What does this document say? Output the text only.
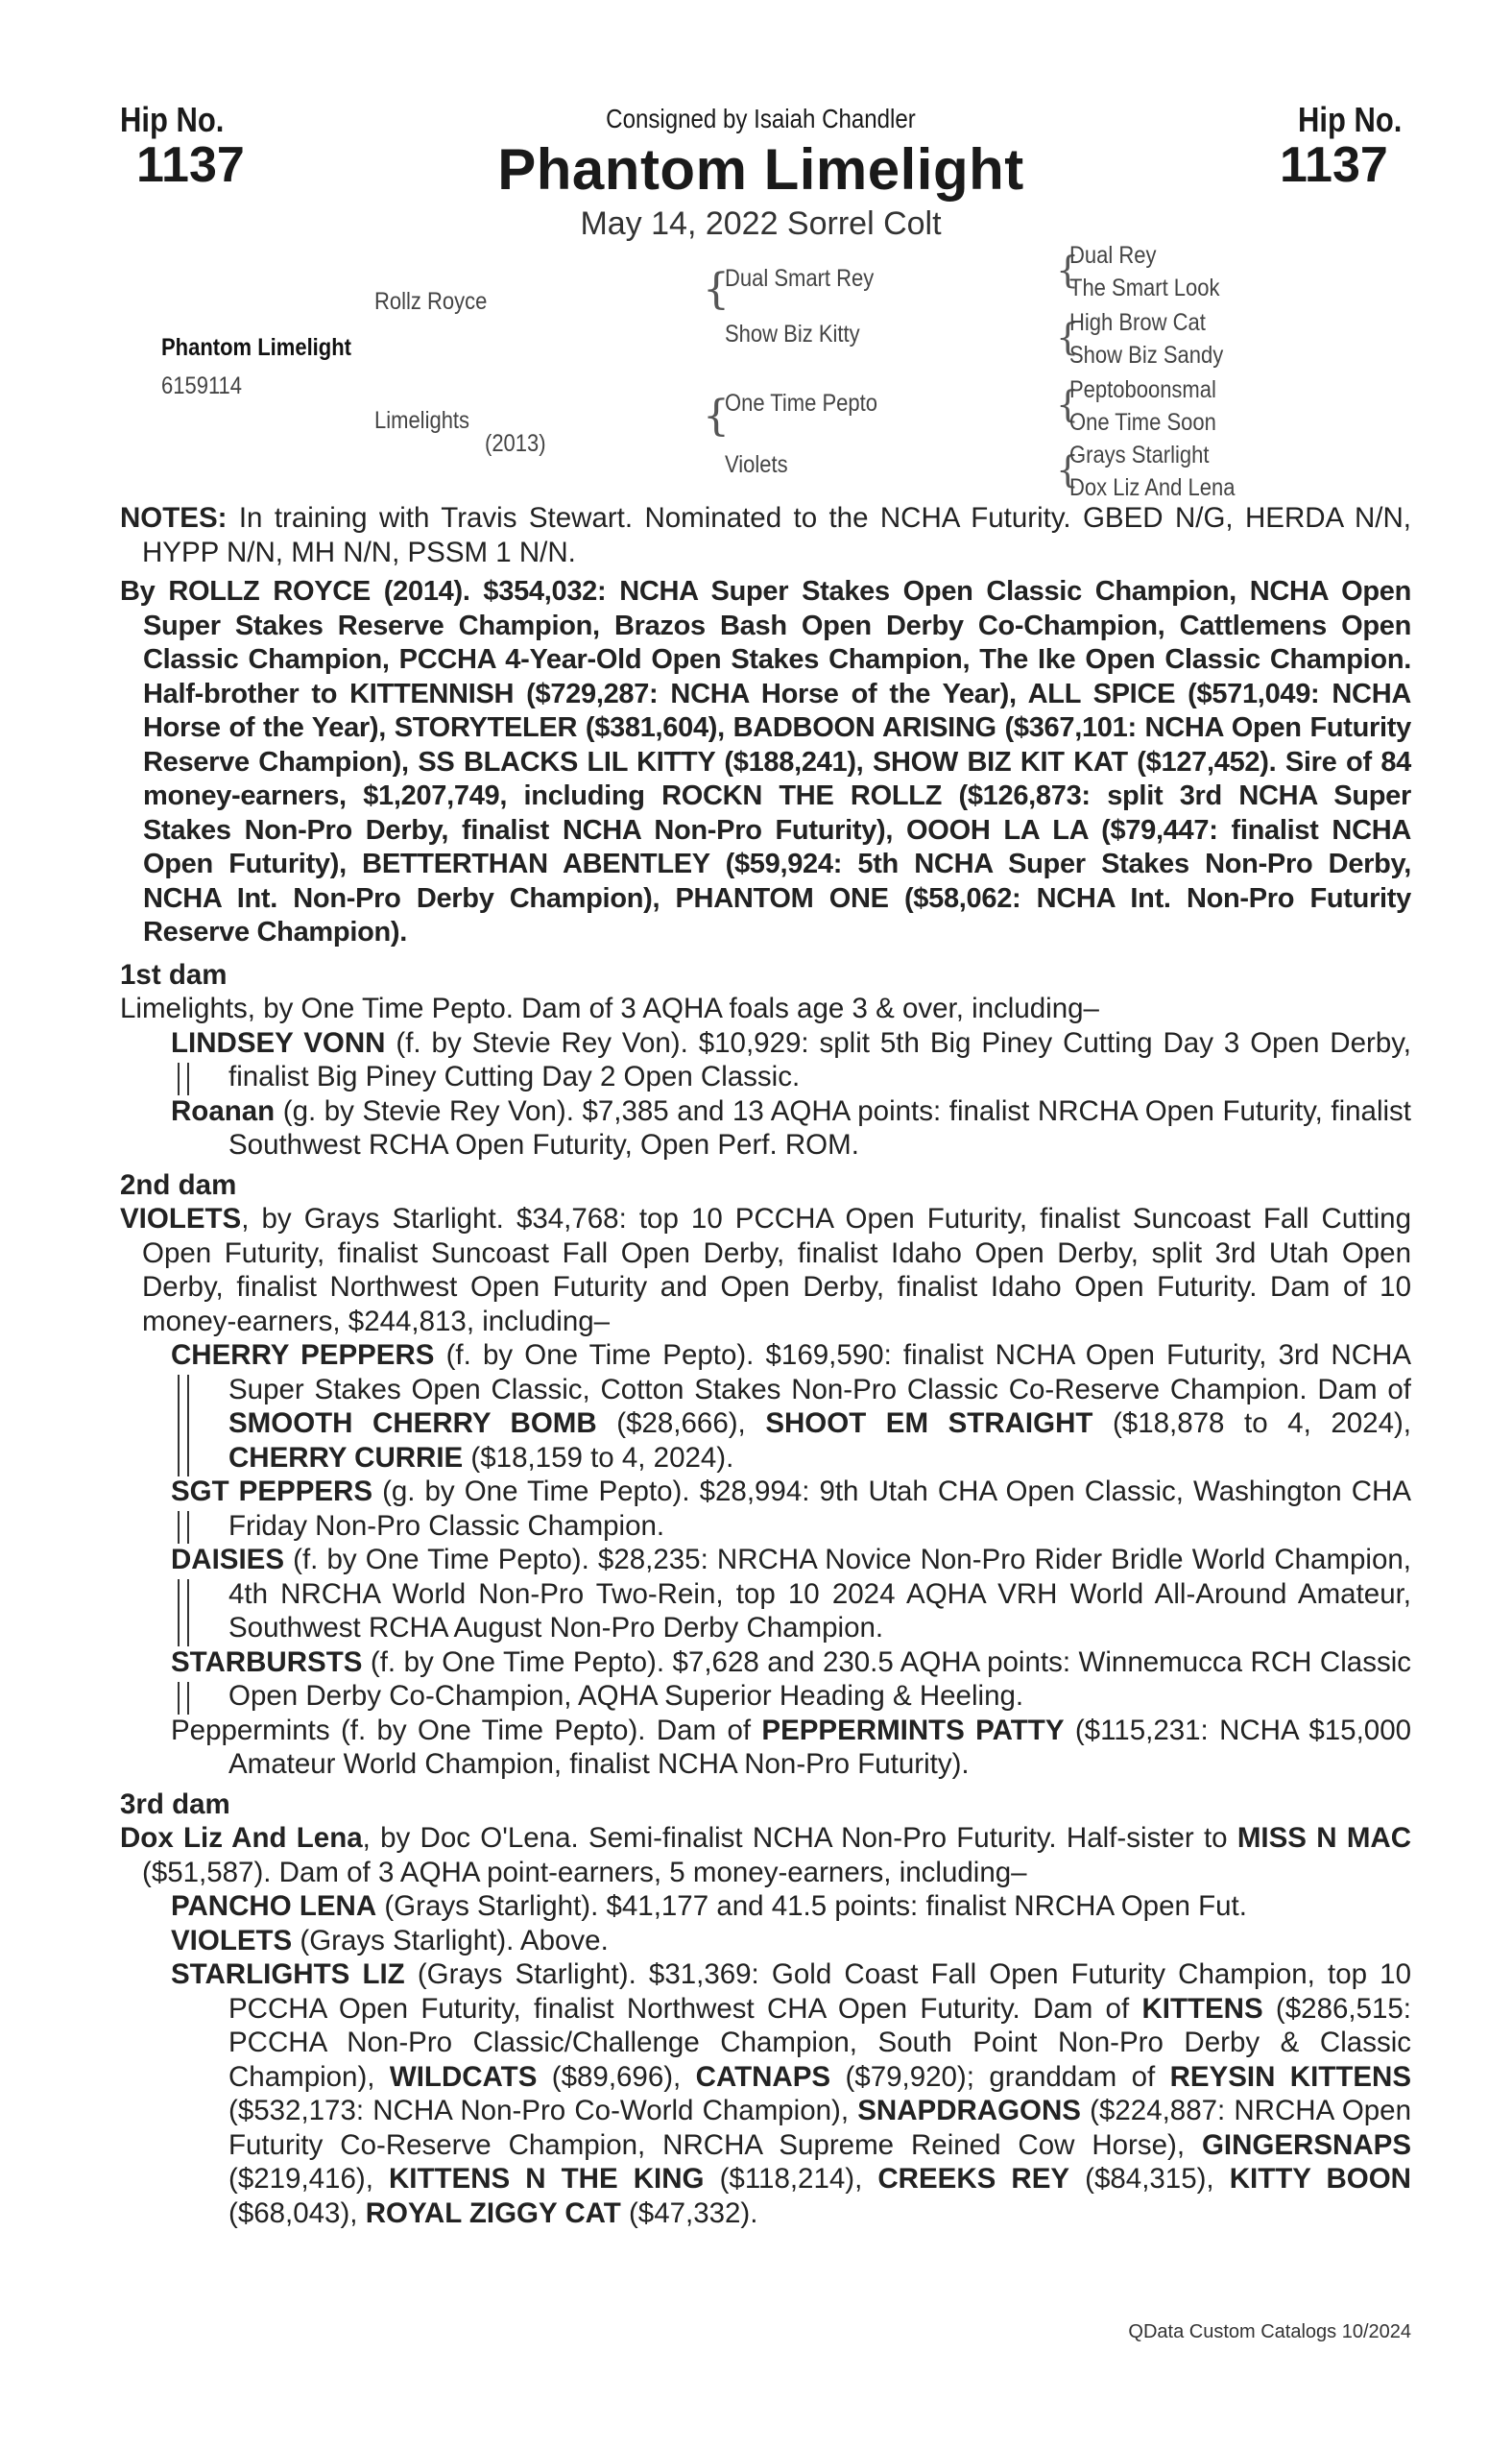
Hip No.
1137
Hip No.
1137
Consigned by Isaiah Chandler
Phantom Limelight
May 14, 2022 Sorrel Colt
Phantom Limelight
6159114
Rollz Royce
Limelights
(2013)
{
Dual Smart Rey
Show Biz Kitty
{
One Time Pepto
Violets
{
Dual Rey
The Smart Look
{
High Brow Cat
Show Biz Sandy
{
Peptoboonsmal
One Time Soon
{
Grays Starlight
Dox Liz And Lena

NOTES: In training with Travis Stewart. Nominated to the NCHA Futurity. GBED N/G, HERDA N/N, HYPP N/N, MH N/N, PSSM 1 N/N.

By ROLLZ ROYCE (2014). $354,032: NCHA Super Stakes Open Classic Champion, NCHA Open Super Stakes Reserve Champion, Brazos Bash Open Derby Co-Champion, Cattlemens Open Classic Champion, PCCHA 4-Year-Old Open Stakes Champion, The Ike Open Classic Champion. Half-brother to KITTENNISH ($729,287: NCHA Horse of the Year), ALL SPICE ($571,049: NCHA Horse of the Year), STORYTELER ($381,604), BADBOON ARISING ($367,101: NCHA Open Futurity Reserve Champion), SS BLACKS LIL KITTY ($188,241), SHOW BIZ KIT KAT ($127,452). Sire of 84 money-earners, $1,207,749, including ROCKN THE ROLLZ ($126,873: split 3rd NCHA Super Stakes Non-Pro Derby, finalist NCHA Non-Pro Futurity), OOOH LA LA ($79,447: finalist NCHA Open Futurity), BETTERTHAN ABENTLEY ($59,924: 5th NCHA Super Stakes Non-Pro Derby, NCHA Int. Non-Pro Derby Champion), PHANTOM ONE ($58,062: NCHA Int. Non-Pro Futurity Reserve Champion).

1st dam

Limelights, by One Time Pepto. Dam of 3 AQHA foals age 3 & over, including–

LINDSEY VONN (f. by Stevie Rey Von). $10,929: split 5th Big Piney Cutting Day 3 Open Derby, finalist Big Piney Cutting Day 2 Open Classic.

Roanan (g. by Stevie Rey Von). $7,385 and 13 AQHA points: finalist NRCHA Open Futurity, finalist Southwest RCHA Open Futurity, Open Perf. ROM.

2nd dam

VIOLETS, by Grays Starlight. $34,768: top 10 PCCHA Open Futurity, finalist Suncoast Fall Cutting Open Futurity, finalist Suncoast Fall Open Derby, finalist Idaho Open Derby, split 3rd Utah Open Derby, finalist Northwest Open Futurity and Open Derby, finalist Idaho Open Futurity. Dam of 10 money-earners, $244,813, including–

CHERRY PEPPERS (f. by One Time Pepto). $169,590: finalist NCHA Open Futurity, 3rd NCHA Super Stakes Open Classic, Cotton Stakes Non-Pro Classic Co-Reserve Champion. Dam of SMOOTH CHERRY BOMB ($28,666), SHOOT EM STRAIGHT ($18,878 to 4, 2024), CHERRY CURRIE ($18,159 to 4, 2024).

SGT PEPPERS (g. by One Time Pepto). $28,994: 9th Utah CHA Open Classic, Washington CHA Friday Non-Pro Classic Champion.

DAISIES (f. by One Time Pepto). $28,235: NRCHA Novice Non-Pro Rider Bridle World Champion, 4th NRCHA World Non-Pro Two-Rein, top 10 2024 AQHA VRH World All-Around Amateur, Southwest RCHA August Non-Pro Derby Champion.

STARBURSTS (f. by One Time Pepto). $7,628 and 230.5 AQHA points: Winnemucca RCH Classic Open Derby Co-Champion, AQHA Superior Heading & Heeling.

Peppermints (f. by One Time Pepto). Dam of PEPPERMINTS PATTY ($115,231: NCHA $15,000 Amateur World Champion, finalist NCHA Non-Pro Futurity).

3rd dam

Dox Liz And Lena, by Doc O'Lena. Semi-finalist NCHA Non-Pro Futurity. Half-sister to MISS N MAC ($51,587). Dam of 3 AQHA point-earners, 5 money-earners, including–

PANCHO LENA (Grays Starlight). $41,177 and 41.5 points: finalist NRCHA Open Fut.

VIOLETS (Grays Starlight). Above.

STARLIGHTS LIZ (Grays Starlight). $31,369: Gold Coast Fall Open Futurity Champion, top 10 PCCHA Open Futurity, finalist Northwest CHA Open Futurity. Dam of KITTENS ($286,515: PCCHA Non-Pro Classic/Challenge Champion, South Point Non-Pro Derby & Classic Champion), WILDCATS ($89,696), CATNAPS ($79,920); granddam of REYSIN KITTENS ($532,173: NCHA Non-Pro Co-World Champion), SNAPDRAGONS ($224,887: NRCHA Open Futurity Co-Reserve Champion, NRCHA Supreme Reined Cow Horse), GINGERSNAPS ($219,416), KITTENS N THE KING ($118,214), CREEKS REY ($84,315), KITTY BOON ($68,043), ROYAL ZIGGY CAT ($47,332).

QData Custom Catalogs 10/2024
